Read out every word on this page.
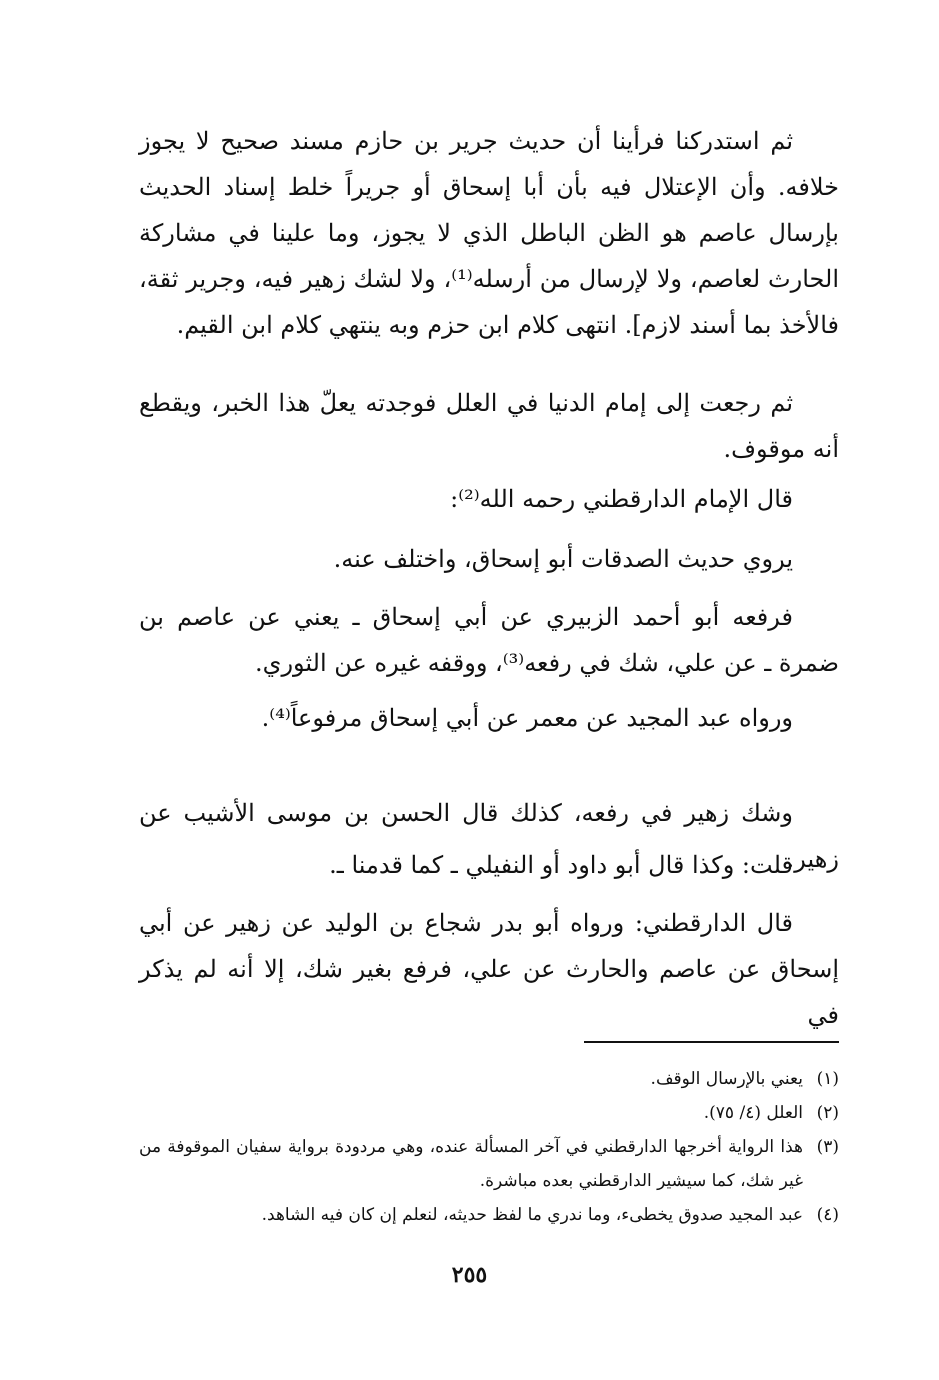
ثم استدركنا فرأينا أن حديث جرير بن حازم مسند صحيح لا يجوز خلافه. وأن الإعتلال فيه بأن أبا إسحاق أو جريراً خلط إسناد الحديث بإرسال عاصم هو الظن الباطل الذي لا يجوز، وما علينا في مشاركة الحارث لعاصم، ولا لإرسال من أرسله⁽¹⁾، ولا لشك زهير فيه، وجرير ثقة، فالأخذ بما أسند لازم]. انتهى كلام ابن حزم وبه ينتهي كلام ابن القيم.

ثم رجعت إلى إمام الدنيا في العلل فوجدته يعلّ هذا الخبر، ويقطع أنه موقوف.

قال الإمام الدارقطني رحمه الله⁽²⁾:

يروي حديث الصدقات أبو إسحاق، واختلف عنه.

فرفعه أبو أحمد الزبيري عن أبي إسحاق ـ يعني عن عاصم بن ضمرة ـ عن علي، شك في رفعه⁽³⁾، ووقفه غيره عن الثوري.

ورواه عبد المجيد عن معمر عن أبي إسحاق مرفوعاً⁽⁴⁾.

وشك زهير في رفعه، كذلك قال الحسن بن موسى الأشيب عن زهير.

قلت: وكذا قال أبو داود أو النفيلي ـ كما قدمنا ـ.

قال الدارقطني: ورواه أبو بدر شجاع بن الوليد عن زهير عن أبي إسحاق عن عاصم والحارث عن علي، فرفع بغير شك، إلا أنه لم يذكر في

(١)
يعني بالإرسال الوقف.
(٢)
العلل (٤/ ٧٥).
(٣)
هذا الرواية أخرجها الدارقطني في آخر المسألة عنده، وهي مردودة برواية سفيان الموقوفة من غير شك، كما سيشير الدارقطني بعده مباشرة.
(٤)
عبد المجيد صدوق يخطىء، وما ندري ما لفظ حديثه، لنعلم إن كان فيه الشاهد.
٢٥٥
